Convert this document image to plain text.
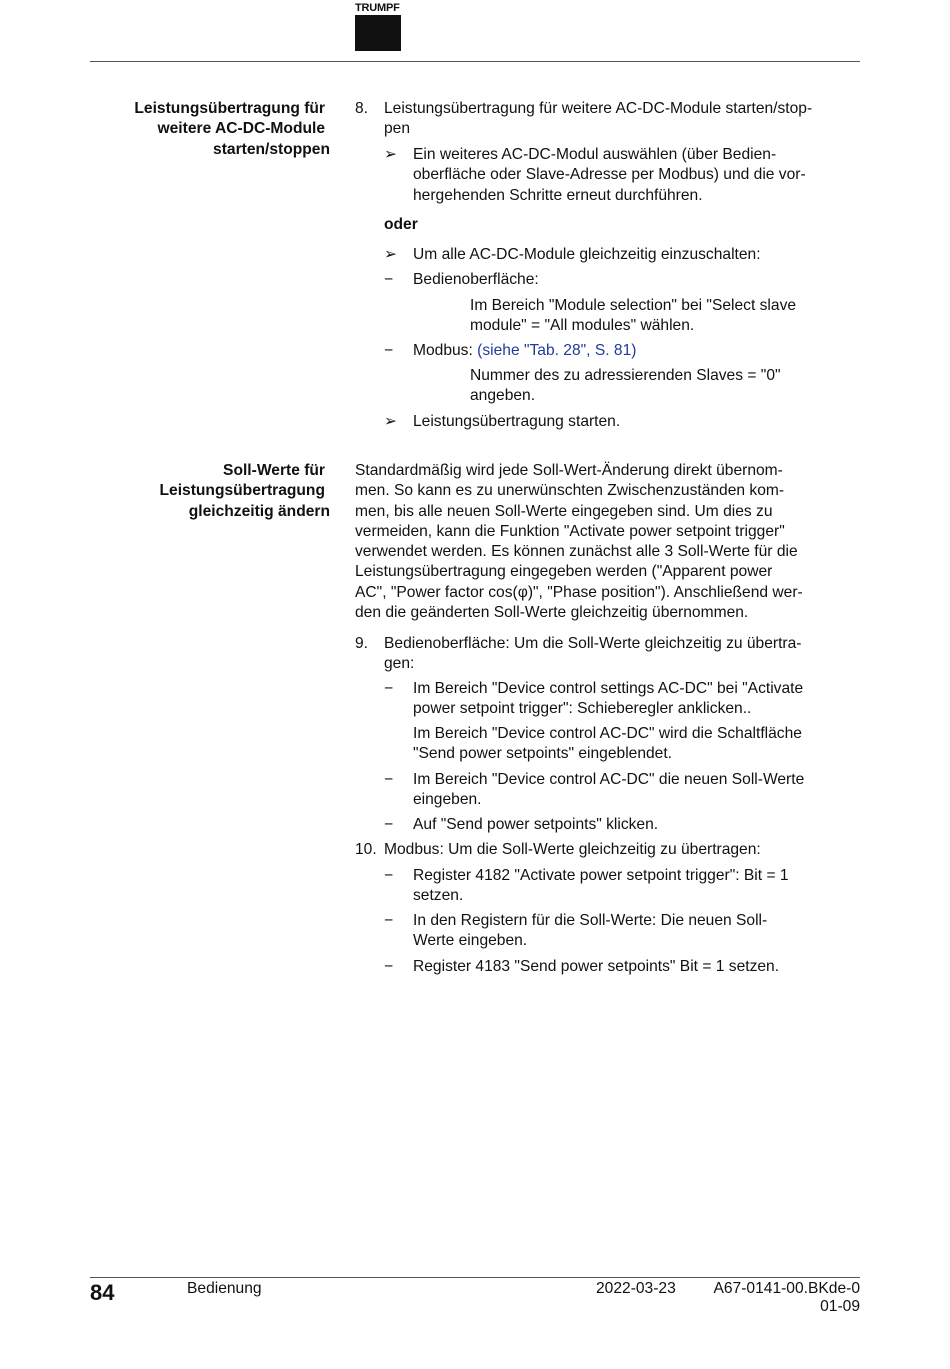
TRUMPF
Leistungsübertragung für
weitere AC-DC-Module
starten/stoppen
8. Leistungsübertragung für weitere AC-DC-Module starten/stop-
pen
➢	Ein weiteres AC-DC-Modul auswählen (über Bedien-
oberfläche oder Slave-Adresse per Modbus) und die vor-
hergehenden Schritte erneut durchführen.
oder
➢	Um alle AC-DC-Module gleichzeitig einzuschalten:
−	Bedienoberfläche:
Im Bereich "Module selection" bei "Select slave
module" = "All modules" wählen.
−	Modbus: (siehe "Tab. 28", S. 81)
Nummer des zu adressierenden Slaves = "0"
angeben.
➢	Leistungsübertragung starten.
Soll-Werte für
Leistungsübertragung
gleichzeitig ändern
Standardmäßig wird jede Soll-Wert-Änderung direkt übernom-
men. So kann es zu unerwünschten Zwischenzuständen kom-
men, bis alle neuen Soll-Werte eingegeben sind. Um dies zu
vermeiden, kann die Funktion "Activate power setpoint trigger"
verwendet werden. Es können zunächst alle 3 Soll-Werte für die
Leistungsübertragung eingegeben werden ("Apparent power
AC", "Power factor cos(φ)", "Phase position"). Anschließend wer-
den die geänderten Soll-Werte gleichzeitig übernommen.
9. Bedienoberfläche: Um die Soll-Werte gleichzeitig zu übertra-
gen:
−	Im Bereich "Device control settings AC-DC" bei "Activate
power setpoint trigger": Schieberegler anklicken..
Im Bereich "Device control AC-DC" wird die Schaltfläche
"Send power setpoints" eingeblendet.
−	Im Bereich "Device control AC-DC" die neuen Soll-Werte
eingeben.
−	Auf "Send power setpoints" klicken.
10. Modbus: Um die Soll-Werte gleichzeitig zu übertragen:
−	Register 4182 "Activate power setpoint trigger": Bit = 1
setzen.
−	In den Registern für die Soll-Werte: Die neuen Soll-
Werte eingeben.
−	Register 4183 "Send power setpoints" Bit = 1 setzen.
84	Bedienung	2022-03-23 A67-0141-00.BKde-0
01-09
